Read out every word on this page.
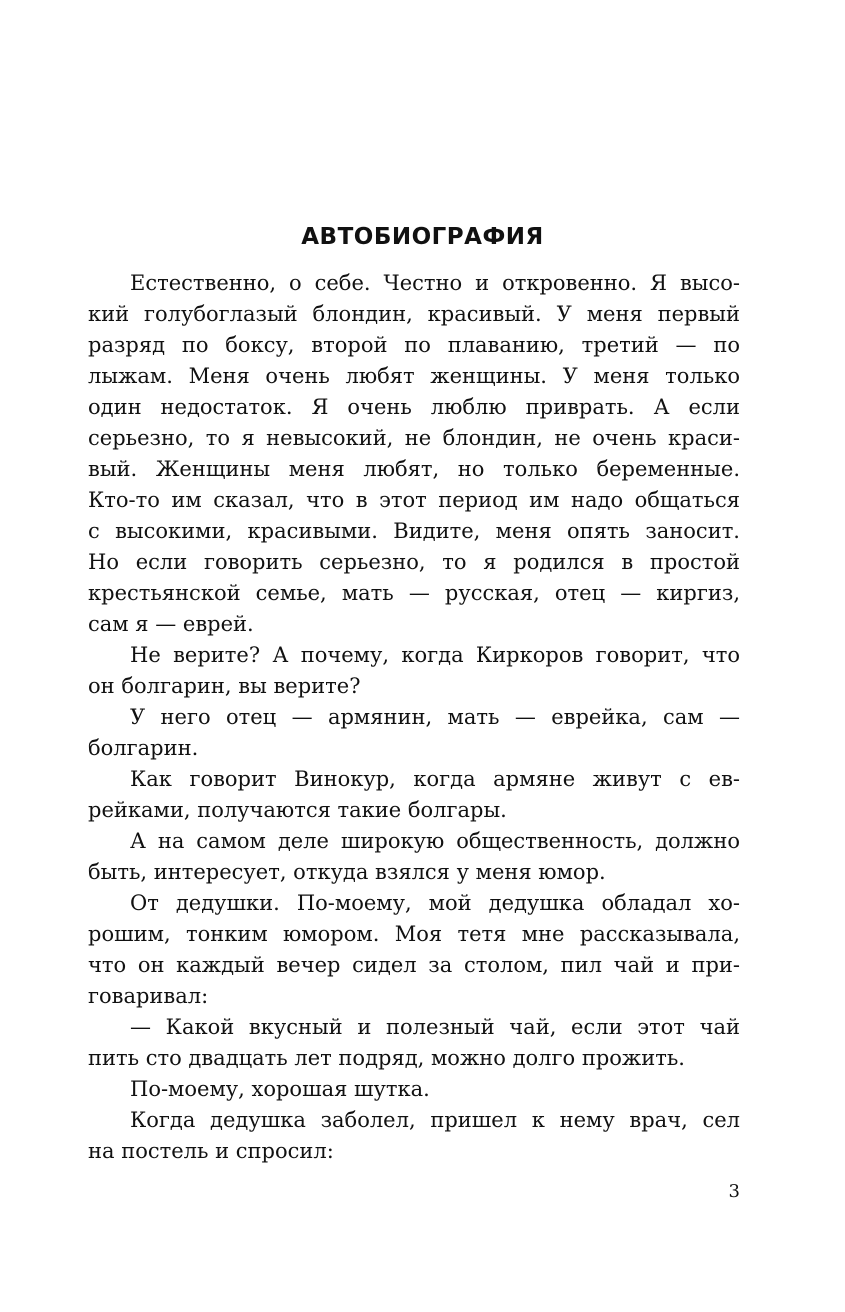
АВТОБИОГРАФИЯ
Естественно, о себе. Честно и откровенно. Я высо-
кий голубоглазый блондин, красивый. У меня первый
разряд по боксу, второй по плаванию, третий — по
лыжам. Меня очень любят женщины. У меня только
один недостаток. Я очень люблю приврать. А если
серьезно, то я невысокий, не блондин, не очень краси-
вый. Женщины меня любят, но только беременные.
Кто-то им сказал, что в этот период им надо общаться
с высокими, красивыми. Видите, меня опять заносит.
Но если говорить серьезно, то я родился в простой
крестьянской семье, мать — русская, отец — киргиз,
сам я — еврей.
Не верите? А почему, когда Киркоров говорит, что
он болгарин, вы верите?
У него отец — армянин, мать — еврейка, сам —
болгарин.
Как говорит Винокур, когда армяне живут с ев-
рейками, получаются такие болгары.
А на самом деле широкую общественность, должно
быть, интересует, откуда взялся у меня юмор.
От дедушки. По-моему, мой дедушка обладал хо-
рошим, тонким юмором. Моя тетя мне рассказывала,
что он каждый вечер сидел за столом, пил чай и при-
говаривал:
— Какой вкусный и полезный чай, если этот чай
пить сто двадцать лет подряд, можно долго прожить.
По-моему, хорошая шутка.
Когда дедушка заболел, пришел к нему врач, сел
на постель и спросил:
3
